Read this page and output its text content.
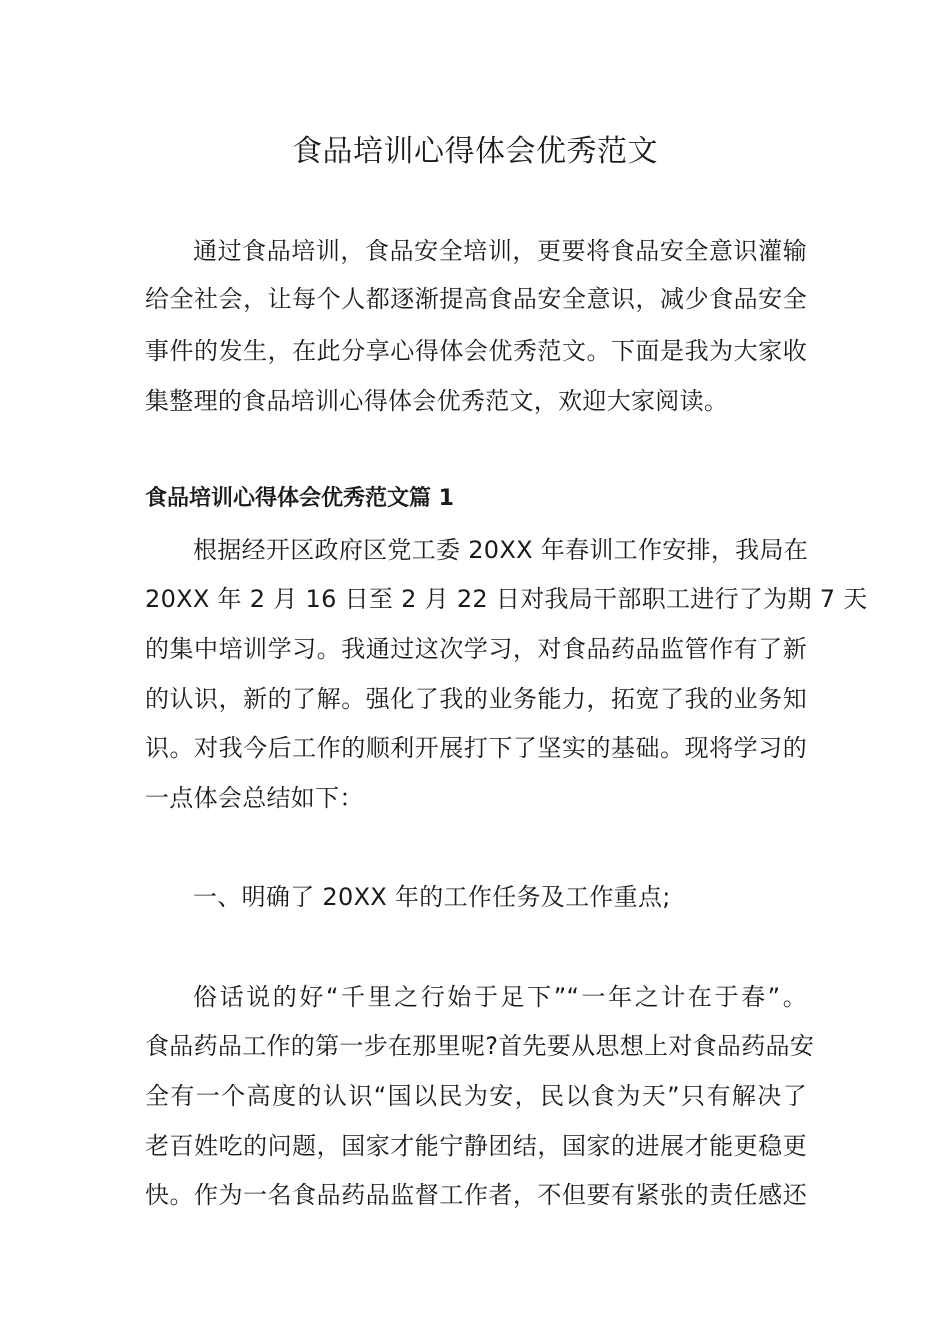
食品培训心得体会优秀范文

通过食品培训，食品安全培训，更要将食品安全意识灌输

给全社会，让每个人都逐渐提高食品安全意识，减少食品安全

事件的发生，在此分享心得体会优秀范文。下面是我为大家收

集整理的食品培训心得体会优秀范文，欢迎大家阅读。

食品培训心得体会优秀范文篇 1

根据经开区政府区党工委 20XX 年春训工作安排，我局在

20XX 年 2 月 16 日至 2 月 22 日对我局干部职工进行了为期 7 天

的集中培训学习。我通过这次学习，对食品药品监管作有了新

的认识，新的了解。强化了我的业务能力，拓宽了我的业务知

识。对我今后工作的顺利开展打下了坚实的基础。现将学习的

一点体会总结如下：

一、明确了 20XX 年的工作任务及工作重点;

俗话说的好“千里之行始于足下”“一年之计在于春”。

食品药品工作的第一步在那里呢?首先要从思想上对食品药品安

全有一个高度的认识“国以民为安，民以食为天”只有解决了

老百姓吃的问题，国家才能宁静团结，国家的进展才能更稳更

快。作为一名食品药品监督工作者，不但要有紧张的责任感还
